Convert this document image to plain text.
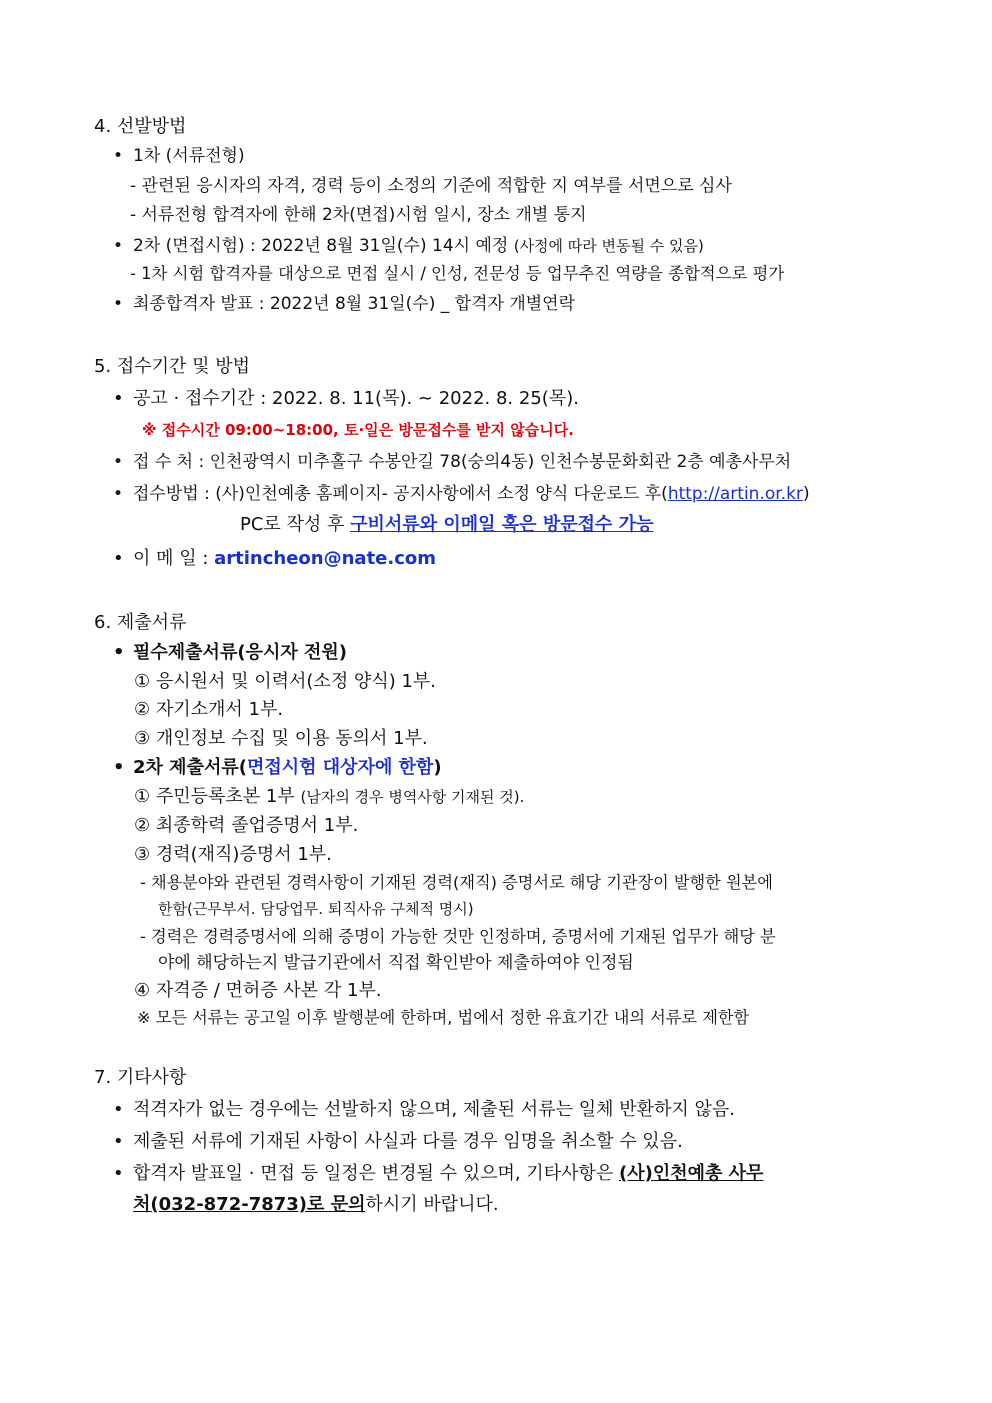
4. 선발방법
• 1차 (서류전형)
- 관련된 응시자의 자격, 경력 등이 소정의 기준에 적합한 지 여부를 서면으로 심사
- 서류전형 합격자에 한해 2차(면접)시험 일시, 장소 개별 통지
• 2차 (면접시험) : 2022년 8월 31일(수) 14시 예정 (사정에 따라 변동될 수 있음)
- 1차 시험 합격자를 대상으로 면접 실시 / 인성, 전문성 등 업무추진 역량을 종합적으로 평가
• 최종합격자 발표 : 2022년 8월 31일(수) _ 합격자 개별연락
5. 접수기간 및 방법
• 공고 · 접수기간 : 2022. 8. 11(목). ~ 2022. 8. 25(목).
※ 접수시간 09:00~18:00, 토·일은 방문접수를 받지 않습니다.
• 접 수 처 : 인천광역시 미추홀구 수봉안길 78(숭의4동) 인천수봉문화회관 2층 예총사무처
• 접수방법 : (사)인천예총 홈페이지- 공지사항에서 소정 양식 다운로드 후(http://artin.or.kr)
PC로 작성 후 구비서류와 이메일 혹은 방문접수 가능
• 이 메 일 : artincheon@nate.com
6. 제출서류
• 필수제출서류(응시자 전원)
① 응시원서 및 이력서(소정 양식) 1부.
② 자기소개서 1부.
③ 개인정보 수집 및 이용 동의서 1부.
• 2차 제출서류(면접시험 대상자에 한함)
① 주민등록초본 1부 (남자의 경우 병역사항 기재된 것).
② 최종학력 졸업증명서 1부.
③ 경력(재직)증명서 1부.
- 채용분야와 관련된 경력사항이 기재된 경력(재직) 증명서로 해당 기관장이 발행한 원본에
한함(근무부서. 담당업무. 퇴직사유 구체적 명시)
- 경력은 경력증명서에 의해 증명이 가능한 것만 인정하며, 증명서에 기재된 업무가 해당 분
야에 해당하는지 발급기관에서 직접 확인받아 제출하여야 인정됨
④ 자격증 / 면허증 사본 각 1부.
※ 모든 서류는 공고일 이후 발행분에 한하며, 법에서 정한 유효기간 내의 서류로 제한함
7. 기타사항
• 적격자가 없는 경우에는 선발하지 않으며, 제출된 서류는 일체 반환하지 않음.
• 제출된 서류에 기재된 사항이 사실과 다를 경우 임명을 취소할 수 있음.
• 합격자 발표일 · 면접 등 일정은 변경될 수 있으며, 기타사항은 (사)인천예총 사무
처(032-872-7873)로 문의하시기 바랍니다.
